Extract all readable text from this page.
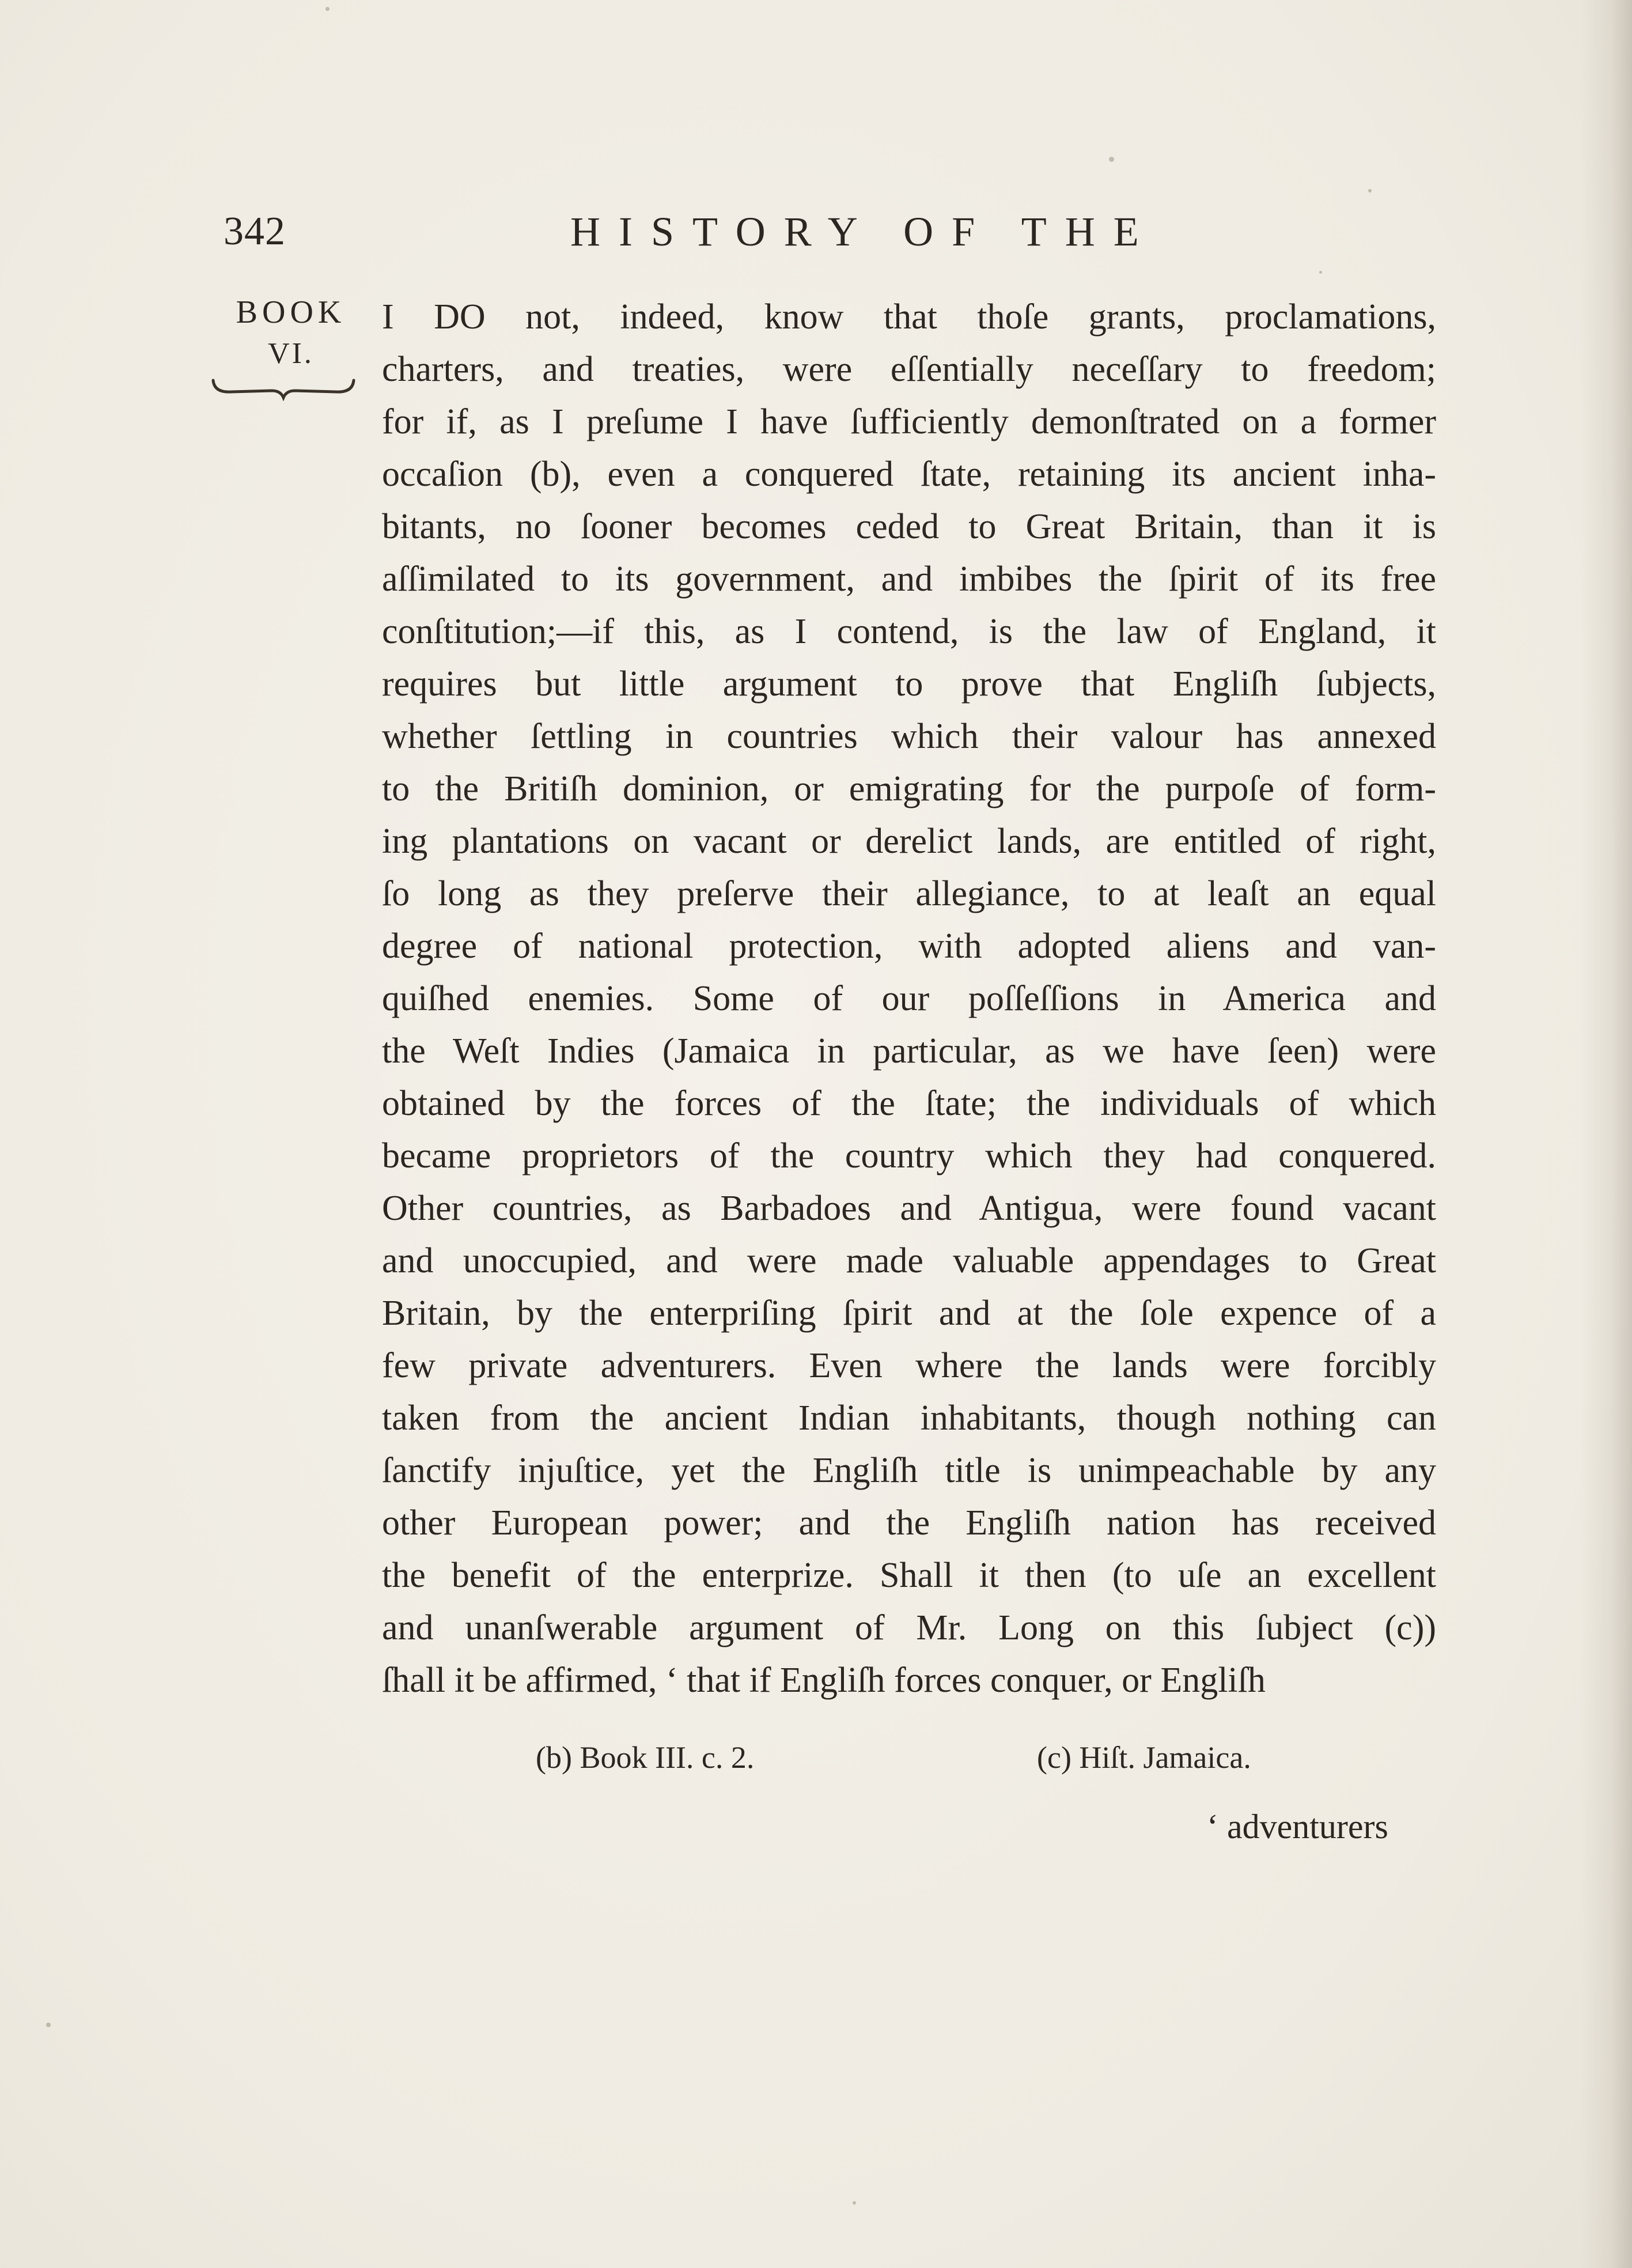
342	HISTORY OF THE
BOOK
VI.
I DO not, indeed, know that thoſe grants, proclamations,
charters, and treaties, were eſſentially neceſſary to freedom;
for if, as I preſume I have ſufficiently demonſtrated on a former
occaſion (b), even a conquered ſtate, retaining its ancient inha-
bitants, no ſooner becomes ceded to Great Britain, than it is
aſſimilated to its government, and imbibes the ſpirit of its free
conſtitution;—if this, as I contend, is the law of England, it
requires but little argument to prove that Engliſh ſubjects,
whether ſettling in countries which their valour has annexed
to the Britiſh dominion, or emigrating for the purpoſe of form-
ing plantations on vacant or derelict lands, are entitled of right,
ſo long as they preſerve their allegiance, to at leaſt an equal
degree of national protection, with adopted aliens and van-
quiſhed enemies. Some of our poſſeſſions in America and
the Weſt Indies (Jamaica in particular, as we have ſeen) were
obtained by the forces of the ſtate; the individuals of which
became proprietors of the country which they had conquered.
Other countries, as Barbadoes and Antigua, were found vacant
and unoccupied, and were made valuable appendages to Great
Britain, by the enterpriſing ſpirit and at the ſole expence of a
few private adventurers. Even where the lands were forcibly
taken from the ancient Indian inhabitants, though nothing can
ſanctify injuſtice, yet the Engliſh title is unimpeachable by any
other European power; and the Engliſh nation has received
the benefit of the enterprize. Shall it then (to uſe an excellent
and unanſwerable argument of Mr. Long on this ſubject (c))
ſhall it be affirmed, ‘ that if Engliſh forces conquer, or Engliſh
(b) Book III. c. 2.	(c) Hiſt. Jamaica.
‘ adventurers
